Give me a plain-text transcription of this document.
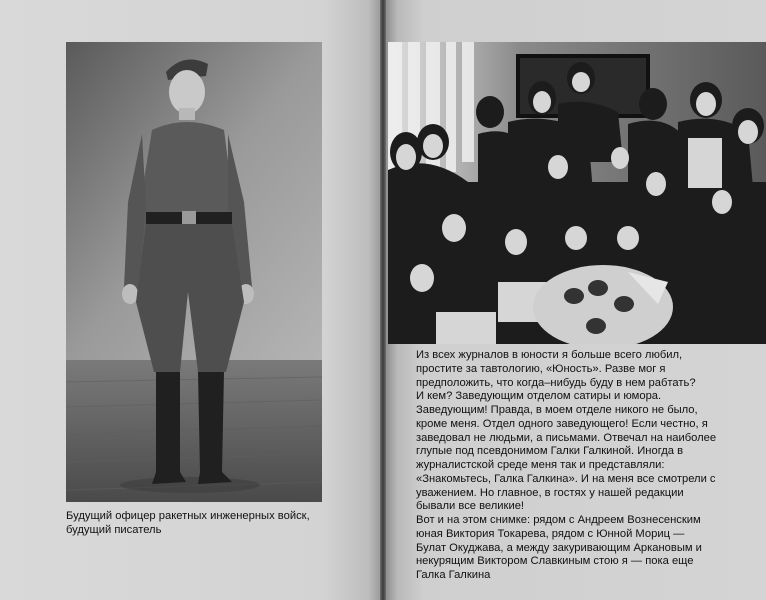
Будущий офицер ракетных инженерных войск,
будущий писатель
Из всех журналов в юности я больше всего любил,
простите за тавтологию, «Юность». Разве мог я
предположить, что когда–нибудь буду в нем рабтать?
И кем? Заведующим отделом сатиры и юмора.
Заведующим! Правда, в моем отделе никого не было,
кроме меня. Отдел одного заведующего! Если честно, я
заведовал не людьми, а письмами. Отвечал на наиболее
глупые под псевдонимом Галки Галкиной. Иногда в
журналистской среде меня так и представляли:
«Знакомьтесь, Галка Галкина». И на меня все смотрели с
уважением. Но главное, в гостях у нашей редакции
бывали все великие!
Вот и на этом снимке: рядом с Андреем Вознесенским
юная Виктория Токарева, рядом с Юнной Мориц —
Булат Окуджава, а между закуривающим Аркановым и
некурящим Виктором Славкиным стою я — пока еще
Галка Галкина
